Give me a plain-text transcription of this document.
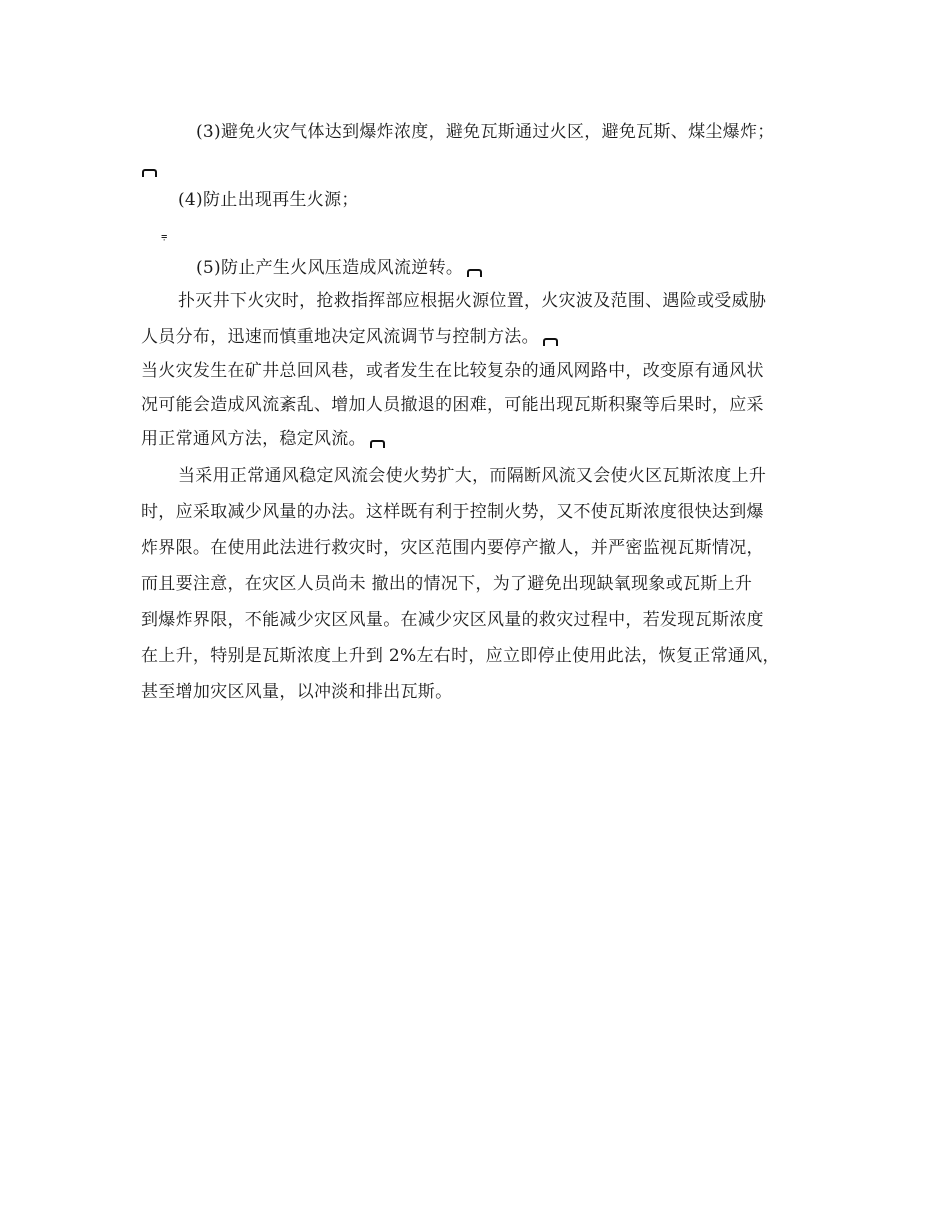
(3)避免火灾气体达到爆炸浓度，避免瓦斯通过火区，避免瓦斯、煤尘爆炸；
(4)防止出现再生火源；
⩦
(5)防止产生火风压造成风流逆转。
扑灭井下火灾时，抢救指挥部应根据火源位置，火灾波及范围、遇险或受威胁
人员分布，迅速而慎重地决定风流调节与控制方法。
当火灾发生在矿井总回风巷，或者发生在比较复杂的通风网路中，改变原有通风状
况可能会造成风流紊乱、增加人员撤退的困难，可能出现瓦斯积聚等后果时，应采
用正常通风方法，稳定风流。
当采用正常通风稳定风流会使火势扩大，而隔断风流又会使火区瓦斯浓度上升
时，应采取减少风量的办法。这样既有利于控制火势，又不使瓦斯浓度很快达到爆
炸界限。在使用此法进行救灾时，灾区范围内要停产撤人，并严密监视瓦斯情况，
而且要注意，在灾区人员尚未 撤出的情况下，为了避免出现缺氧现象或瓦斯上升
到爆炸界限，不能减少灾区风量。在减少灾区风量的救灾过程中，若发现瓦斯浓度
在上升，特别是瓦斯浓度上升到 2%左右时，应立即停止使用此法，恢复正常通风，
甚至增加灾区风量，以冲淡和排出瓦斯。
